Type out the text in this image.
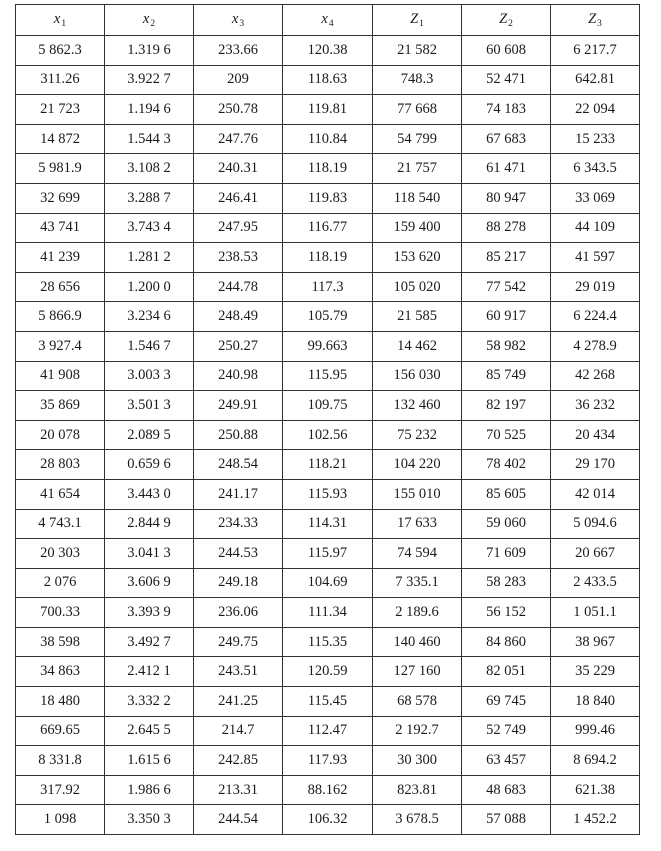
$x_1$	$x_2$	$x_3$	$x_4$	$Z_1$	$Z_2$	$Z_3$
5 862.3	1.319 6	233.66	120.38	21 582	60 608	6 217.7
311.26	3.922 7	209	118.63	748.3	52 471	642.81
21 723	1.194 6	250.78	119.81	77 668	74 183	22 094
14 872	1.544 3	247.76	110.84	54 799	67 683	15 233
5 981.9	3.108 2	240.31	118.19	21 757	61 471	6 343.5
32 699	3.288 7	246.41	119.83	118 540	80 947	33 069
43 741	3.743 4	247.95	116.77	159 400	88 278	44 109
41 239	1.281 2	238.53	118.19	153 620	85 217	41 597
28 656	1.200 0	244.78	117.3	105 020	77 542	29 019
5 866.9	3.234 6	248.49	105.79	21 585	60 917	6 224.4
3 927.4	1.546 7	250.27	99.663	14 462	58 982	4 278.9
41 908	3.003 3	240.98	115.95	156 030	85 749	42 268
35 869	3.501 3	249.91	109.75	132 460	82 197	36 232
20 078	2.089 5	250.88	102.56	75 232	70 525	20 434
28 803	0.659 6	248.54	118.21	104 220	78 402	29 170
41 654	3.443 0	241.17	115.93	155 010	85 605	42 014
4 743.1	2.844 9	234.33	114.31	17 633	59 060	5 094.6
20 303	3.041 3	244.53	115.97	74 594	71 609	20 667
2 076	3.606 9	249.18	104.69	7 335.1	58 283	2 433.5
700.33	3.393 9	236.06	111.34	2 189.6	56 152	1 051.1
38 598	3.492 7	249.75	115.35	140 460	84 860	38 967
34 863	2.412 1	243.51	120.59	127 160	82 051	35 229
18 480	3.332 2	241.25	115.45	68 578	69 745	18 840
669.65	2.645 5	214.7	112.47	2 192.7	52 749	999.46
8 331.8	1.615 6	242.85	117.93	30 300	63 457	8 694.2
317.92	1.986 6	213.31	88.162	823.81	48 683	621.38
1 098	3.350 3	244.54	106.32	3 678.5	57 088	1 452.2
